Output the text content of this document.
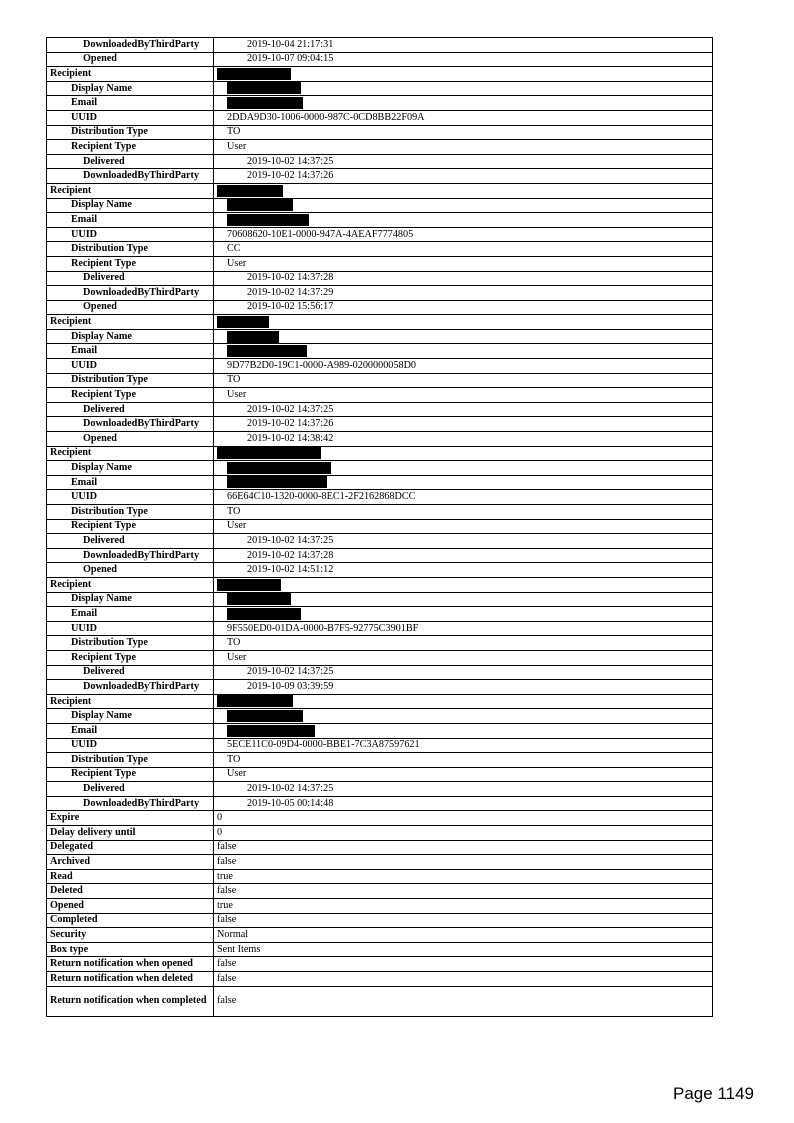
DownloadedByThirdParty	2019-10-04 21:17:31
Opened	2019-10-07 09:04:15
Recipient	
Display Name	
Email	
UUID	2DDA9D30-1006-0000-987C-0CD8BB22F09A
Distribution Type	TO
Recipient Type	User
Delivered	2019-10-02 14:37:25
DownloadedByThirdParty	2019-10-02 14:37:26
Recipient	
Display Name	
Email	
UUID	70608620-10E1-0000-947A-4AEAF7774805
Distribution Type	CC
Recipient Type	User
Delivered	2019-10-02 14:37:28
DownloadedByThirdParty	2019-10-02 14:37:29
Opened	2019-10-02 15:56:17
Recipient	
Display Name	
Email	
UUID	9D77B2D0-19C1-0000-A989-0200000058D0
Distribution Type	TO
Recipient Type	User
Delivered	2019-10-02 14:37:25
DownloadedByThirdParty	2019-10-02 14:37:26
Opened	2019-10-02 14:38:42
Recipient	
Display Name	
Email	
UUID	66E64C10-1320-0000-8EC1-2F2162868DCC
Distribution Type	TO
Recipient Type	User
Delivered	2019-10-02 14:37:25
DownloadedByThirdParty	2019-10-02 14:37:28
Opened	2019-10-02 14:51:12
Recipient	
Display Name	
Email	
UUID	9F550ED0-01DA-0000-B7F5-92775C3901BF
Distribution Type	TO
Recipient Type	User
Delivered	2019-10-02 14:37:25
DownloadedByThirdParty	2019-10-09 03:39:59
Recipient	
Display Name	
Email	
UUID	5ECE11C0-09D4-0000-BBE1-7C3A87597621
Distribution Type	TO
Recipient Type	User
Delivered	2019-10-02 14:37:25
DownloadedByThirdParty	2019-10-05 00:14:48
Expire	0
Delay delivery until	0
Delegated	false
Archived	false
Read	true
Deleted	false
Opened	true
Completed	false
Security	Normal
Box type	Sent Items
Return notification when opened	false
Return notification when deleted	false
Return notification when completed	false
Page 1149
